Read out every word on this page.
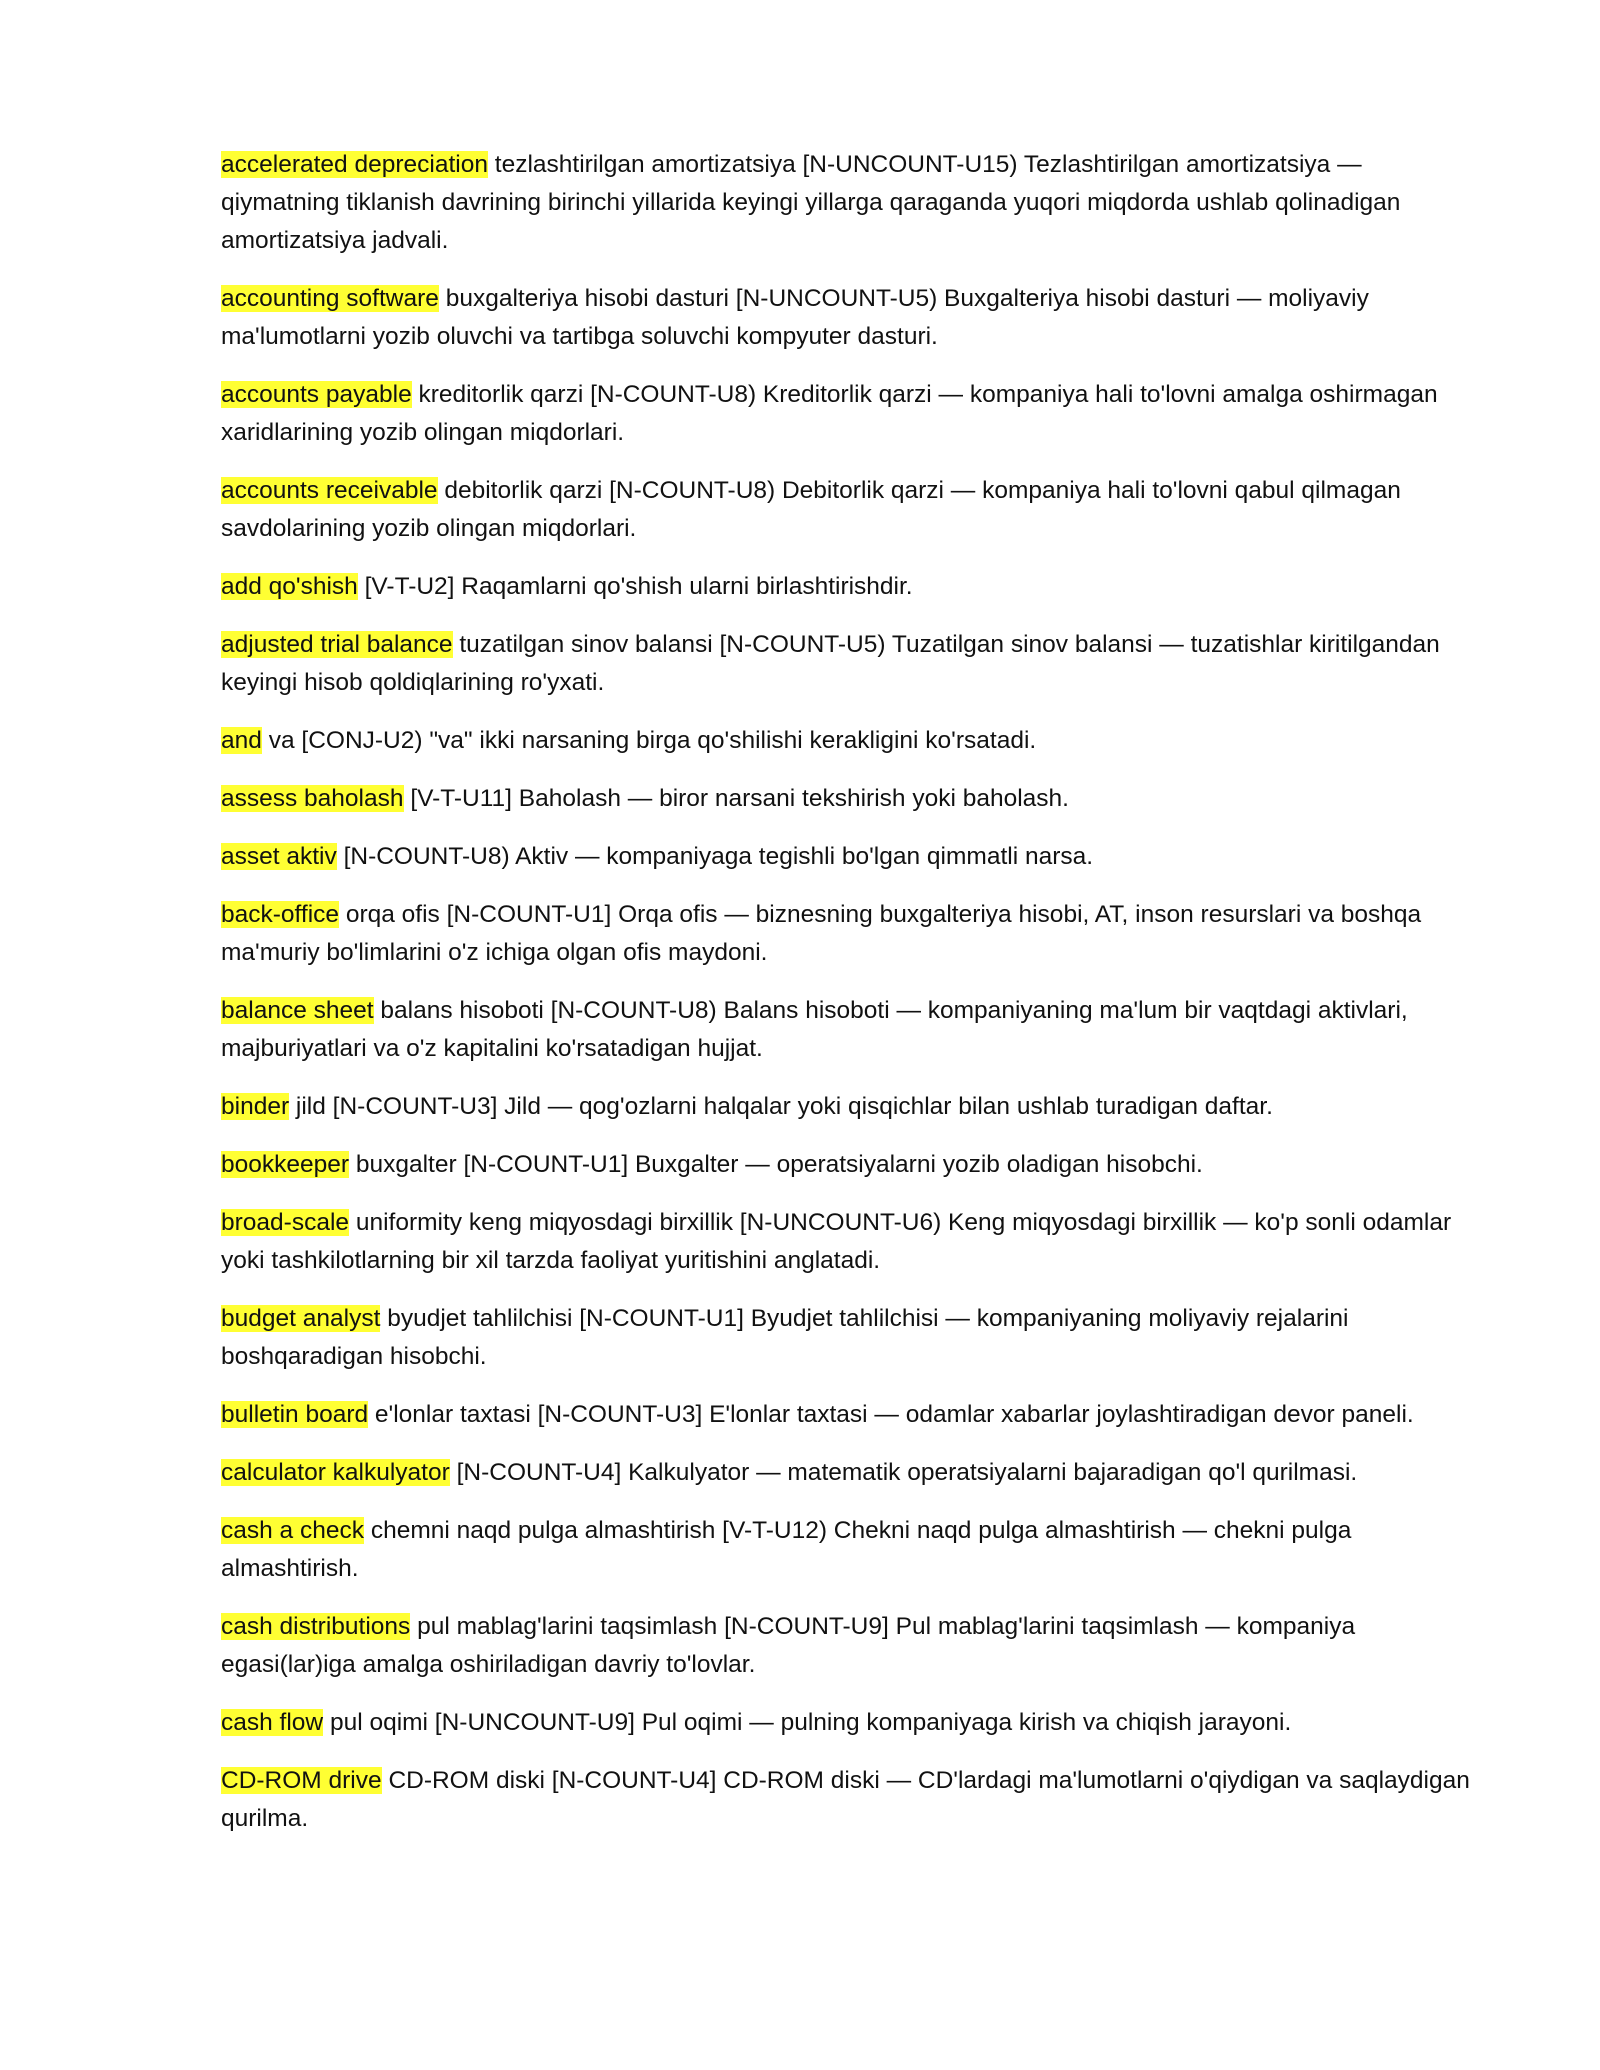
accelerated depreciation tezlashtirilgan amortizatsiya [N-UNCOUNT-U15) Tezlashtirilgan amortizatsiya — qiymatning tiklanish davrining birinchi yillarida keyingi yillarga qaraganda yuqori miqdorda ushlab qolinadigan amortizatsiya jadvali.

accounting software buxgalteriya hisobi dasturi [N-UNCOUNT-U5) Buxgalteriya hisobi dasturi — moliyaviy ma'lumotlarni yozib oluvchi va tartibga soluvchi kompyuter dasturi.

accounts payable kreditorlik qarzi [N-COUNT-U8) Kreditorlik qarzi — kompaniya hali to'lovni amalga oshirmagan xaridlarining yozib olingan miqdorlari.

accounts receivable debitorlik qarzi [N-COUNT-U8) Debitorlik qarzi — kompaniya hali to'lovni qabul qilmagan savdolarining yozib olingan miqdorlari.

add qo'shish [V-T-U2] Raqamlarni qo'shish ularni birlashtirishdir.

adjusted trial balance tuzatilgan sinov balansi [N-COUNT-U5) Tuzatilgan sinov balansi — tuzatishlar kiritilgandan keyingi hisob qoldiqlarining ro'yxati.

and va [CONJ-U2) "va" ikki narsaning birga qo'shilishi kerakligini ko'rsatadi.

assess baholash [V-T-U11] Baholash — biror narsani tekshirish yoki baholash.

asset aktiv [N-COUNT-U8) Aktiv — kompaniyaga tegishli bo'lgan qimmatli narsa.

back-office orqa ofis [N-COUNT-U1] Orqa ofis — biznesning buxgalteriya hisobi, AT, inson resurslari va boshqa ma'muriy bo'limlarini o'z ichiga olgan ofis maydoni.

balance sheet balans hisoboti [N-COUNT-U8) Balans hisoboti — kompaniyaning ma'lum bir vaqtdagi aktivlari, majburiyatlari va o'z kapitalini ko'rsatadigan hujjat.

binder jild [N-COUNT-U3] Jild — qog'ozlarni halqalar yoki qisqichlar bilan ushlab turadigan daftar.

bookkeeper buxgalter [N-COUNT-U1] Buxgalter — operatsiyalarni yozib oladigan hisobchi.

broad-scale uniformity keng miqyosdagi birxillik [N-UNCOUNT-U6) Keng miqyosdagi birxillik — ko'p sonli odamlar yoki tashkilotlarning bir xil tarzda faoliyat yuritishini anglatadi.

budget analyst byudjet tahlilchisi [N-COUNT-U1] Byudjet tahlilchisi — kompaniyaning moliyaviy rejalarini boshqaradigan hisobchi.

bulletin board e'lonlar taxtasi [N-COUNT-U3] E'lonlar taxtasi — odamlar xabarlar joylashtiradigan devor paneli.

calculator kalkulyator [N-COUNT-U4] Kalkulyator — matematik operatsiyalarni bajaradigan qo'l qurilmasi.

cash a check chemni naqd pulga almashtirish [V-T-U12) Chekni naqd pulga almashtirish — chekni pulga almashtirish.

cash distributions pul mablag'larini taqsimlash [N-COUNT-U9] Pul mablag'larini taqsimlash — kompaniya egasi(lar)iga amalga oshiriladigan davriy to'lovlar.

cash flow pul oqimi [N-UNCOUNT-U9] Pul oqimi — pulning kompaniyaga kirish va chiqish jarayoni.

CD-ROM drive CD-ROM diski [N-COUNT-U4] CD-ROM diski — CD'lardagi ma'lumotlarni o'qiydigan va saqlaydigan qurilma.
